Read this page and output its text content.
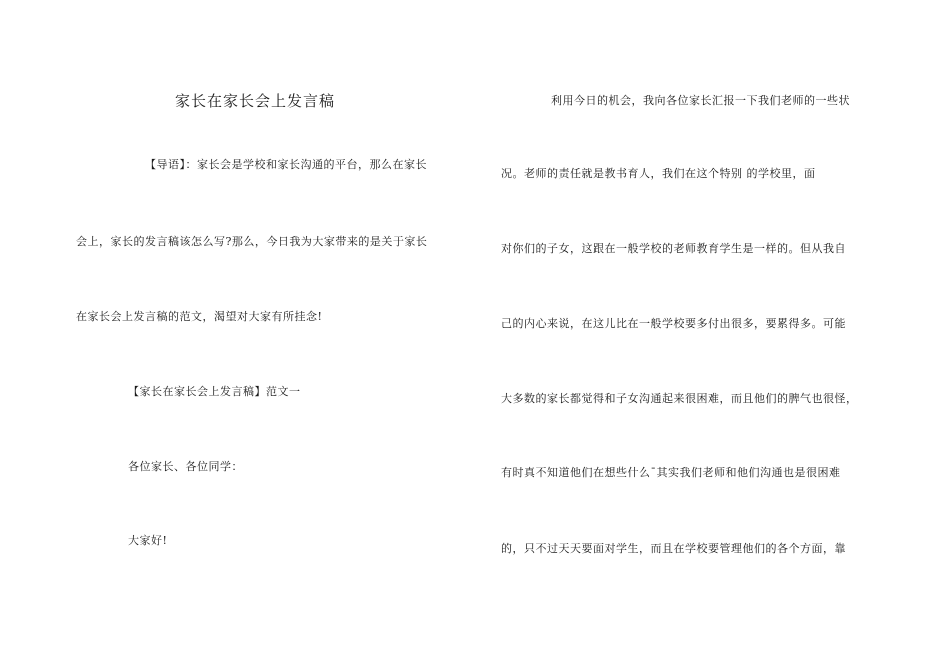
家长在家长会上发言稿
【导语】：家长会是学校和家长沟通的平台，那么在家长
会上，家长的发言稿该怎么写?那么，今日我为大家带来的是关于家长
在家长会上发言稿的范文，渴望对大家有所挂念!
【家长在家长会上发言稿】范文一
各位家长、各位同学：
大家好!
利用今日的机会，我向各位家长汇报一下我们老师的一些状
况。老师的责任就是教书育人，我们在这个特别 的学校里，面
对你们的子女，这跟在一般学校的老师教育学生是一样的。但从我自
己的内心来说，在这儿比在一般学校要多付出很多，要累得多。可能
大多数的家长都觉得和子女沟通起来很困难，而且他们的脾气也很怪，
有时真不知道他们在想些什么¯其实我们老师和他们沟通也是很困难
的，只不过天天要面对学生，而且在学校要管理他们的各个方面，靠
